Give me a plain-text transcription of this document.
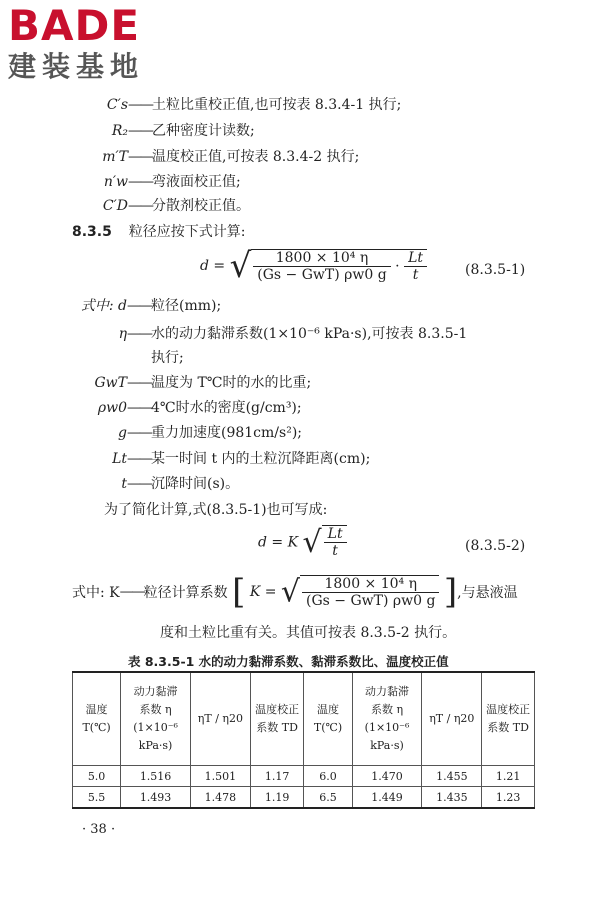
BADE
建装基地
C′s——土粒比重校正值,也可按表 8.3.4-1 执行;
R₂——乙种密度计读数;
m′T——温度校正值,可按表 8.3.4-2 执行;
n′w——弯液面校正值;
C′D——分散剂校正值。
8.3.5 粒径应按下式计算:
d = √ $\frac{\text{1800 × 10⁴ η}}{\text{(Gs − GwT) ρw0 g}} \cdot \frac{Lt}{t}$	(8.3.5-1)
式中: d——粒径(mm);
η——水的动力黏滞系数(1×10⁻⁶ kPa·s),可按表 8.3.5-1
执行;
GwT——温度为 T℃时的水的比重;
ρw0——4℃时水的密度(g/cm³);
g——重力加速度(981cm/s²);
Lt——某一时间 t 内的土粒沉降距离(cm);
t——沉降时间(s)。
为了简化计算,式(8.3.5-1)也可写成:
d = K √ $\frac{Lt}{t}$	(8.3.5-2)
式中: K——粒径计算系数 [ K = √ $\frac{\text{1800 × 10⁴ η}}{\text{(Gs − GwT) ρw0 g}}$ ],与悬液温
度和土粒比重有关。其值可按表 8.3.5-2 执行。
表 8.3.5-1 水的动力黏滞系数、黏滞系数比、温度校正值
温度
T(℃)	动力黏滞
系数 η
(1×10⁻⁶
kPa·s)	ηT / η20	温度校正
系数 TD	温度
T(℃)	动力黏滞
系数 η
(1×10⁻⁶
kPa·s)	ηT / η20	温度校正
系数 TD
5.0	1.516	1.501	1.17	6.0	1.470	1.455	1.21
5.5	1.493	1.478	1.19	6.5	1.449	1.435	1.23
· 38 ·
